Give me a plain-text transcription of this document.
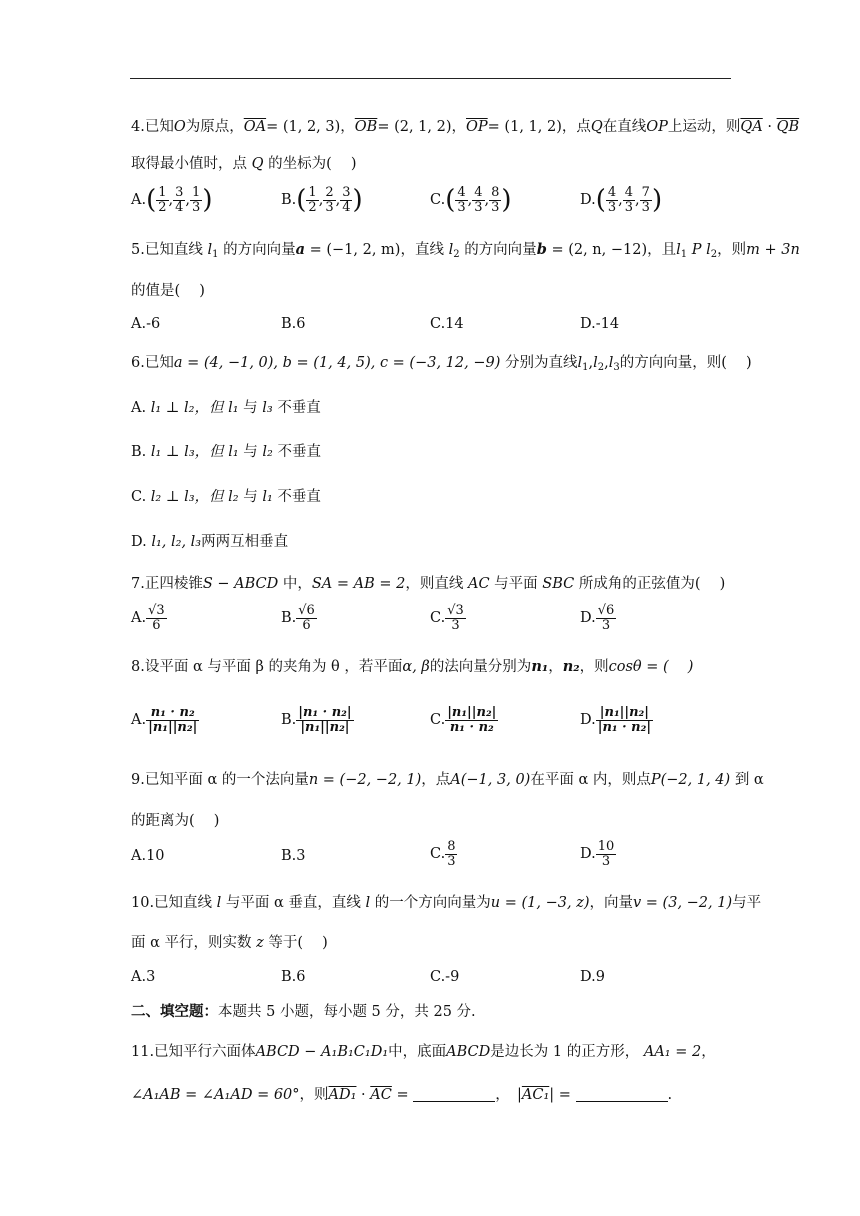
4.已知O为原点，$\overline{OA}= (1$, 2, 3)，$\overline{OB}= (2$, 1, 2)，$\overline{OP}= (1$, 1, 2)，点Q在直线OP上运动，则$\overline{QA} \cdot \overline{QB}$
取得最小值时，点 Q 的坐标为(　 )
$A.( \frac{1}{2}$ , $\frac{3}{4}$ , $\frac{1}{3}$ )	$B.( \frac{1}{2}$ , $\frac{2}{3}$ , $\frac{3}{4}$ )	$C.( \frac{4}{3}$ , $\frac{4}{3}$ , $\frac{8}{3}$ )	$D.( \frac{4}{3}$ , $\frac{4}{3}$ , $\frac{7}{3}$ )
5.已知直线 $l_1$ 的方向向量a = (−1, 2, m)，直线 $l_2$ 的方向向量b = (2, n, −12)，且$l_1$ P $l_2$，则m + 3n
的值是(　 )
A.-6	B.6	C.14	D.-14
6.已知a = (4, −1, 0), b = (1, 4, 5), c = (−3, 12, −9) 分别为直线$l_1,l_2,l_3$的方向向量，则(　 )
A. l₁ ⊥ l₂，但 l₁ 与 l₃ 不垂直
B. l₁ ⊥ l₃，但 l₁ 与 l₂ 不垂直
C. l₂ ⊥ l₃，但 l₂ 与 l₁ 不垂直
D. l₁, l₂, l₃两两互相垂直
7.正四棱锥S − ABCD 中，SA = AB = 2，则直线 AC 与平面 SBC 所成角的正弦值为(　 )
A. $\frac{√3}{6}$	B. $\frac{√6}{6}$	C. $\frac{√3}{3}$	D. $\frac{√6}{3}$
8.设平面 α 与平面 β 的夹角为 θ ，若平面α, β的法向量分别为n₁，n₂，则cosθ = (　 )
A. $\frac{\text{n₁ · n₂}}{\text{|n₁||n₂|}}$	B. $\frac{\text{|n₁ · n₂|}}{\text{|n₁||n₂|}}$	C. $\frac{\text{|n₁||n₂|}}{\text{n₁ · n₂}}$	D. $\frac{\text{|n₁||n₂|}}{\text{|n₁ · n₂|}}$
9.已知平面 α 的一个法向量n = (−2, −2, 1)，点A(−1, 3, 0)在平面 α 内，则点P(−2, 1, 4) 到 α
的距离为(　 )
A.10	B.3	C. $\frac{8}{3}$	D. $\frac{10}{3}$
10.已知直线 l 与平面 α 垂直，直线 l 的一个方向向量为u = (1, −3, z)，向量v = (3, −2, 1)与平
面 α 平行，则实数 z 等于(　 )
A.3	B.6	C.-9	D.9
二、填空题：本题共 5 小题，每小题 5 分，共 25 分.
11.已知平行六面体ABCD − A₁B₁C₁D₁中，底面ABCD是边长为 1 的正方形， AA₁ = 2，
∠A₁AB = ∠A₁AD = 60°，则$AD_1 \cdot \overline{AC}$ =	，　|AC₁| =	.
